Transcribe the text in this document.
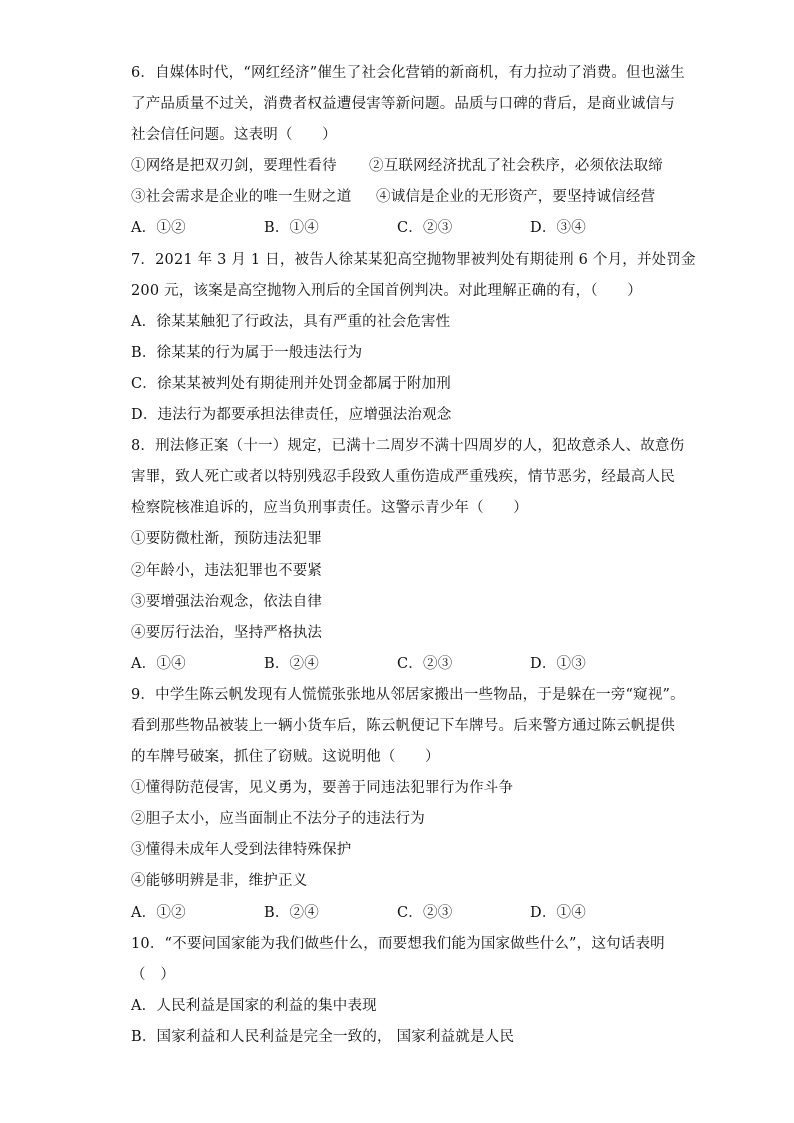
6．自媒体时代，“网红经济”催生了社会化营销的新商机，有力拉动了消费。但也滋生
了产品质量不过关，消费者权益遭侵害等新问题。品质与口碑的背后，是商业诚信与
社会信任问题。这表明（　　）
①网络是把双刃剑，要理性看待	②互联网经济扰乱了社会秩序，必须依法取缔
③社会需求是企业的唯一生财之道	④诚信是企业的无形资产，要坚持诚信经营
A．①②	B．①④	C．②③	D．③④
7．2021 年 3 月 1 日，被告人徐某某犯高空抛物罪被判处有期徒刑 6 个月，并处罚金
200 元，该案是高空抛物入刑后的全国首例判决。对此理解正确的有，（　　）
A．徐某某触犯了行政法，具有严重的社会危害性
B．徐某某的行为属于一般违法行为
C．徐某某被判处有期徒刑并处罚金都属于附加刑
D．违法行为都要承担法律责任，应增强法治观念
8．刑法修正案（十一）规定，已满十二周岁不满十四周岁的人，犯故意杀人、故意伤
害罪，致人死亡或者以特别残忍手段致人重伤造成严重残疾，情节恶劣，经最高人民
检察院核准追诉的，应当负刑事责任。这警示青少年（　　）
①要防微杜渐，预防违法犯罪
②年龄小，违法犯罪也不要紧
③要增强法治观念，依法自律
④要厉行法治，坚持严格执法
A．①④	B．②④	C．②③	D．①③
9．中学生陈云帆发现有人慌慌张张地从邻居家搬出一些物品，于是躲在一旁“窥视”。
看到那些物品被装上一辆小货车后，陈云帆便记下车牌号。后来警方通过陈云帆提供
的车牌号破案，抓住了窃贼。这说明他（　　）
①懂得防范侵害，见义勇为，要善于同违法犯罪行为作斗争
②胆子太小，应当面制止不法分子的违法行为
③懂得未成年人受到法律特殊保护
④能够明辨是非，维护正义
A．①②	B．②④	C．②③	D．①④
10．“不要问国家能为我们做些什么，而要想我们能为国家做些什么”，这句话表明
（　）
A．人民利益是国家的利益的集中表现
B．国家利益和人民利益是完全一致的， 国家利益就是人民
